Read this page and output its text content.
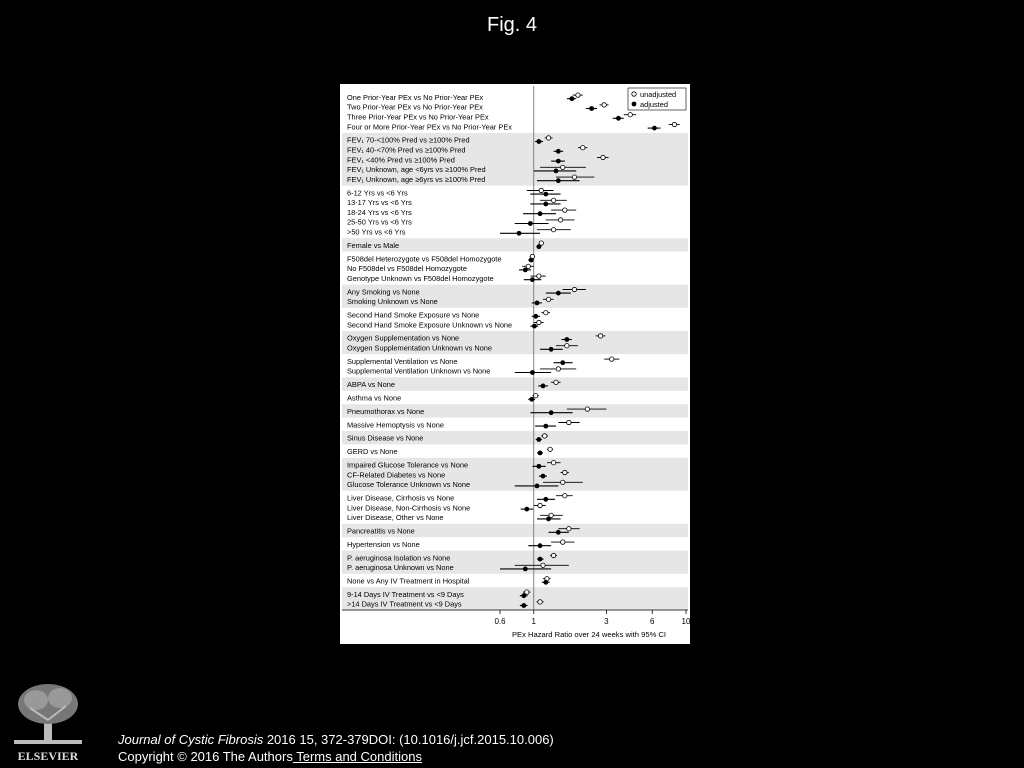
Fig. 4
One Prior-Year PEx vs No Prior-Year PEx
Two Prior-Year PEx vs No Prior-Year PEx
Three Prior-Year PEx vs No Prior-Year PEx
Four or More Prior-Year PEx vs No Prior-Year PEx
FEV₁ 70-<100% Pred vs ≥100% Pred
FEV₁ 40-<70% Pred vs ≥100% Pred
FEV₁ <40% Pred vs ≥100% Pred
FEV₁ Unknown, age <6yrs vs ≥100% Pred
FEV₁ Unknown, age ≥6yrs vs ≥100% Pred
6-12 Yrs vs <6 Yrs
13-17 Yrs vs <6 Yrs
18-24 Yrs vs <6 Yrs
25-50 Yrs vs <6 Yrs
>50 Yrs vs <6 Yrs
Female vs Male
F508del Heterozygote vs F508del Homozygote
No F508del vs F508del Homozygote
Genotype Unknown vs F508del Homozygote
Any Smoking vs None
Smoking Unknown vs None
Second Hand Smoke Exposure vs None
Second Hand Smoke Exposure Unknown vs None
Oxygen Supplementation vs None
Oxygen Supplementation Unknown vs None
Supplemental Ventilation vs None
Supplemental Ventilation Unknown vs None
ABPA vs None
Asthma vs None
Pneumothorax vs None
Massive Hemoptysis vs None
Sinus Disease vs None
GERD vs None
Impaired Glucose Tolerance vs None
CF-Related Diabetes vs None
Glucose Tolerance Unknown vs None
Liver Disease, Cirrhosis vs None
Liver Disease, Non-Cirrhosis vs None
Liver Disease, Other vs None
Pancreatitis vs None
Hypertension vs None
P. aeruginosa Isolation vs None
P. aeruginosa Unknown vs None
None vs Any IV Treatment in Hospital
9-14 Days IV Treatment vs <9 Days
>14 Days IV Treatment vs <9 Days
0.6	1	3	6	10
PEx Hazard Ratio over 24 weeks with 95% CI
unadjusted
adjusted
ELSEVIER
Journal of Cystic Fibrosis 2016 15, 372-379DOI: (10.1016/j.jcf.2015.10.006)
Copyright © 2016 The Authors Terms and Conditions
